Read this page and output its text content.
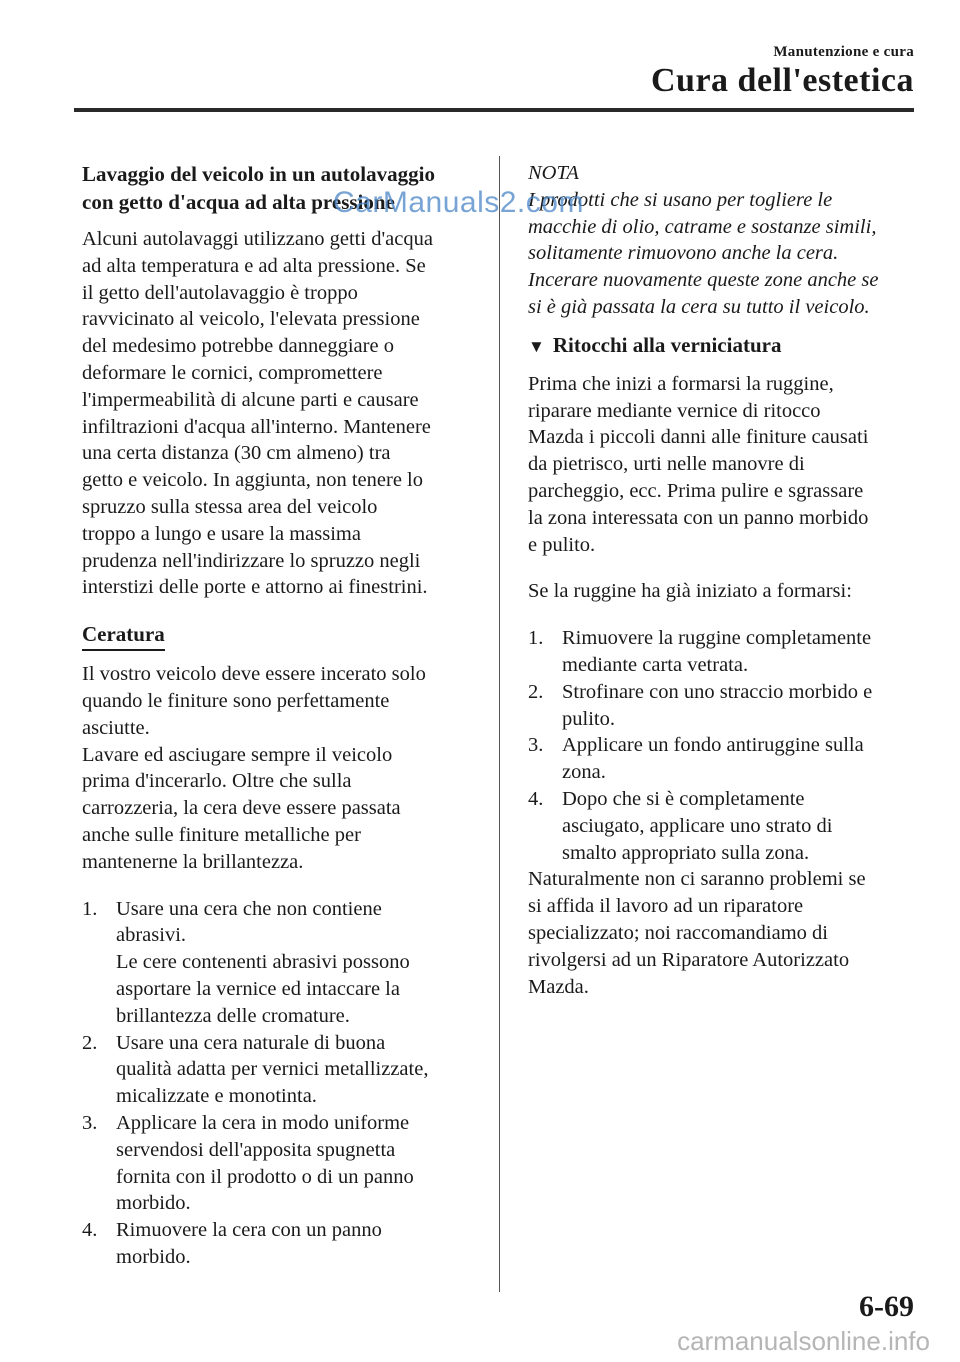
Manutenzione e cura
Cura dell'estetica
Lavaggio del veicolo in un autolavaggio
con getto d'acqua ad alta pressione
Alcuni autolavaggi utilizzano getti d'acqua
ad alta temperatura e ad alta pressione. Se
il getto dell'autolavaggio è troppo
ravvicinato al veicolo, l'elevata pressione
del medesimo potrebbe danneggiare o
deformare le cornici, compromettere
l'impermeabilità di alcune parti e causare
infiltrazioni d'acqua all'interno. Mantenere
una certa distanza (30 cm almeno) tra
getto e veicolo. In aggiunta, non tenere lo
spruzzo sulla stessa area del veicolo
troppo a lungo e usare la massima
prudenza nell'indirizzare lo spruzzo negli
interstizi delle porte e attorno ai finestrini.
Ceratura
Il vostro veicolo deve essere incerato solo
quando le finiture sono perfettamente
asciutte.
Lavare ed asciugare sempre il veicolo
prima d'incerarlo. Oltre che sulla
carrozzeria, la cera deve essere passata
anche sulle finiture metalliche per
mantenerne la brillantezza.
1. Usare una cera che non contiene
abrasivi.
Le cere contenenti abrasivi possono
asportare la vernice ed intaccare la
brillantezza delle cromature.
2. Usare una cera naturale di buona
qualità adatta per vernici metallizzate,
micalizzate e monotinta.
3. Applicare la cera in modo uniforme
servendosi dell'apposita spugnetta
fornita con il prodotto o di un panno
morbido.
4. Rimuovere la cera con un panno
morbido.
NOTA
I prodotti che si usano per togliere le
macchie di olio, catrame e sostanze simili,
solitamente rimuovono anche la cera.
Incerare nuovamente queste zone anche se
si è già passata la cera su tutto il veicolo.
▼ Ritocchi alla verniciatura
Prima che inizi a formarsi la ruggine,
riparare mediante vernice di ritocco
Mazda i piccoli danni alle finiture causati
da pietrisco, urti nelle manovre di
parcheggio, ecc. Prima pulire e sgrassare
la zona interessata con un panno morbido
e pulito.
Se la ruggine ha già iniziato a formarsi:
1. Rimuovere la ruggine completamente
mediante carta vetrata.
2. Strofinare con uno straccio morbido e
pulito.
3. Applicare un fondo antiruggine sulla
zona.
4. Dopo che si è completamente
asciugato, applicare uno strato di
smalto appropriato sulla zona.
Naturalmente non ci saranno problemi se
si affida il lavoro ad un riparatore
specializzato; noi raccomandiamo di
rivolgersi ad un Riparatore Autorizzato
Mazda.
CarManuals2.com
6-69
carmanualsonline.info
